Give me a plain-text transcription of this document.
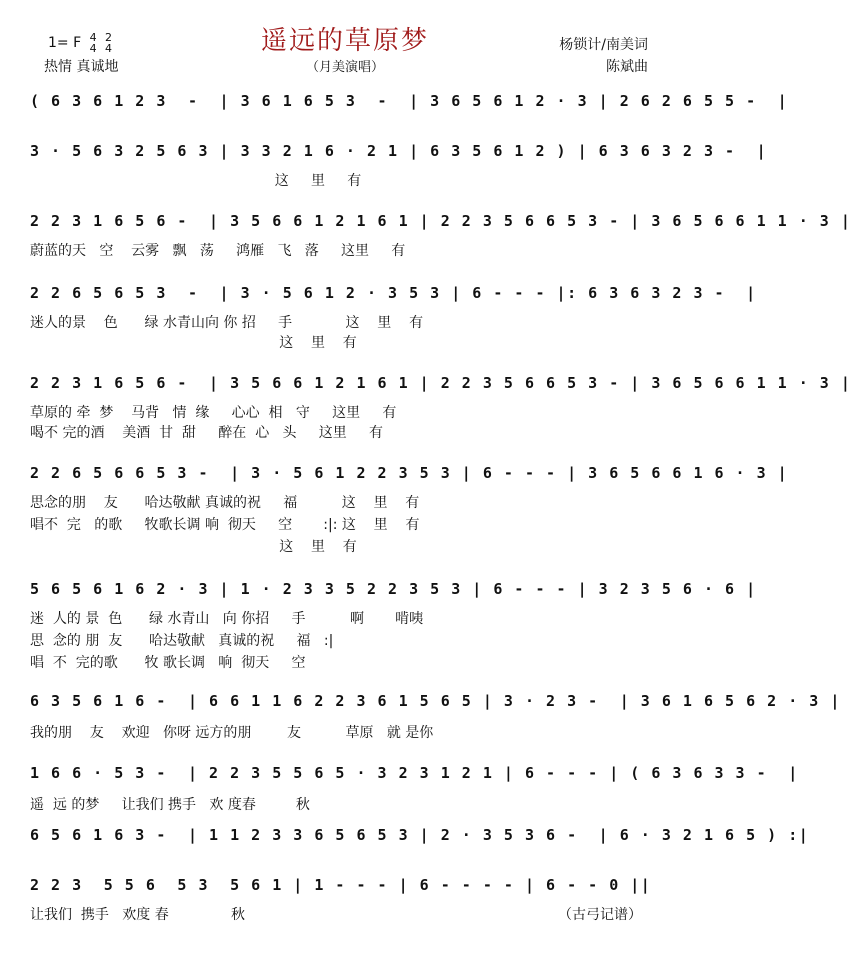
1= F 4
4 2
4
热情 真诚地
遥远的草原梦
（月美演唱）
杨锁计/南美词
陈斌曲
( 6 3 6 1 2 3  -  | 3 6 1 6 5 3  -  | 3 6 5 6 1 2 · 3 | 2 6 2 6 5 5 -  |
3 · 5 6 3 2 5 6 3 | 3 3 2 1 6 · 2 1 | 6 3 5 6 1 2 ) | 6 3 6 3 2 3 -  |
这     里     有
2 2 3 1 6 5 6 -  | 3 5 6 6 1 2 1 6 1 | 2 2 3 5 6 6 5 3 - | 3 6 5 6 6 1 1 · 3 |
蔚蓝的天   空    云雾   飘   荡     鸿雁   飞   落     这里     有
2 2 6 5 6 5 3  -  | 3 · 5 6 1 2 · 3 5 3 | 6 - - - |: 6 3 6 3 2 3 -  |
迷人的景    色      绿 水青山向 你 招     手            这    里    有
这    里    有
2 2 3 1 6 5 6 -  | 3 5 6 6 1 2 1 6 1 | 2 2 3 5 6 6 5 3 - | 3 6 5 6 6 1 1 · 3 |
草原的 牵  梦    马背   情  缘     心心  相   守     这里     有
喝不 完的酒    美酒  甘  甜     醉在  心   头     这里     有
2 2 6 5 6 6 5 3 -  | 3 · 5 6 1 2 2 3 5 3 | 6 - - - | 3 6 5 6 6 1 6 · 3 |
思念的朋    友      哈达敬献 真诚的祝     福          这    里    有
唱不  完   的歌     牧歌长调 响  彻天     空       :|: 这    里    有
这    里    有
5 6 5 6 1 6 2 · 3 | 1 · 2 3 3 5 2 2 3 5 3 | 6 - - - | 3 2 3 5 6 · 6 |
迷  人的 景  色      绿 水青山   向 你招     手          啊       啃咦
思  念的 朋  友      哈达敬献   真诚的祝     福   :|
唱  不  完的歌      牧 歌长调   响  彻天     空
6 3 5 6 1 6 -  | 6 6 1 1 6 2 2 3 6 1 5 6 5 | 3 · 2 3 -  | 3 6 1 6 5 6 2 · 3 |
我的朋    友    欢迎   你呀 远方的朋        友          草原   就 是你
1 6 6 · 5 3 -  | 2 2 3 5 5 6 5 · 3 2 3 1 2 1 | 6 - - - | ( 6 3 6 3 3 -  |
遥  远 的梦     让我们 携手   欢 度春         秋
6 5 6 1 6 3 -  | 1 1 2 3 3 6 5 6 5 3 | 2 · 3 5 3 6 -  | 6 · 3 2 1 6 5 ) :|
2 2 3  5 5 6  5 3  5 6 1 | 1 - - - | 6 - - - - | 6 - - 0 ||
让我们  携手   欢度 春              秋	（古弓记谱）
